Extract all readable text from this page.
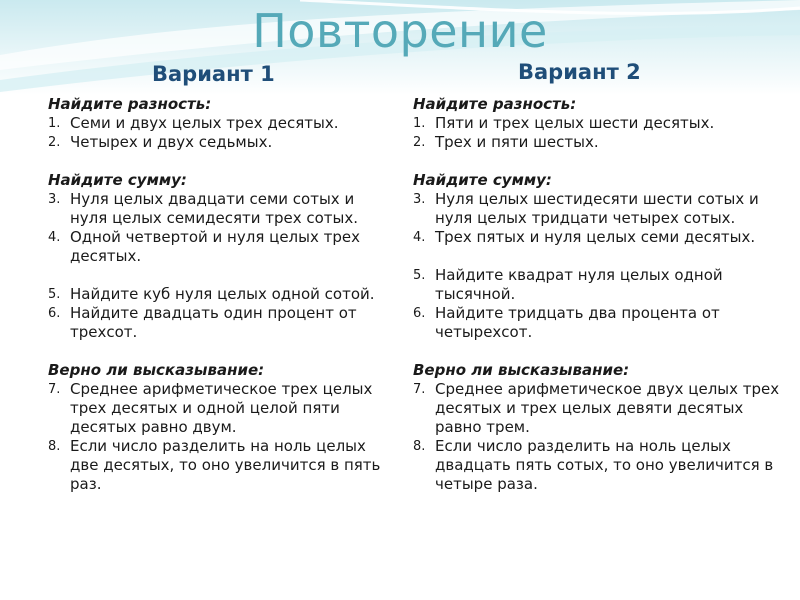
Повторение
Вариант 1	Вариант 2

Найдите разность:

1. Семи и двух целых трех десятых.
2. Четырех и двух седьмых.

Найдите сумму:

3. Нуля целых двадцати семи сотых и нуля целых семидесяти трех сотых.
4. Одной четвертой и нуля целых трех десятых.
5. Найдите куб нуля целых одной сотой.
6. Найдите двадцать один процент от трехсот.

Верно ли высказывание:

7. Среднее арифметическое трех целых трех десятых и одной целой пяти десятых равно двум.
8. Если число разделить на ноль целых две десятых, то оно увеличится в пять раз.

Найдите разность:

1. Пяти и трех целых шести десятых.
2. Трех и пяти шестых.

Найдите сумму:

3. Нуля целых шестидесяти шести сотых и нуля целых тридцати четырех сотых.
4. Трех пятых и нуля целых семи десятых.
5. Найдите квадрат нуля целых одной тысячной.
6. Найдите тридцать два процента от четырехсот.

Верно ли высказывание:

7. Среднее арифметическое двух целых трех десятых и трех целых девяти десятых равно трем.
8. Если число разделить на ноль целых двадцать пять сотых, то оно увеличится в четыре раза.
